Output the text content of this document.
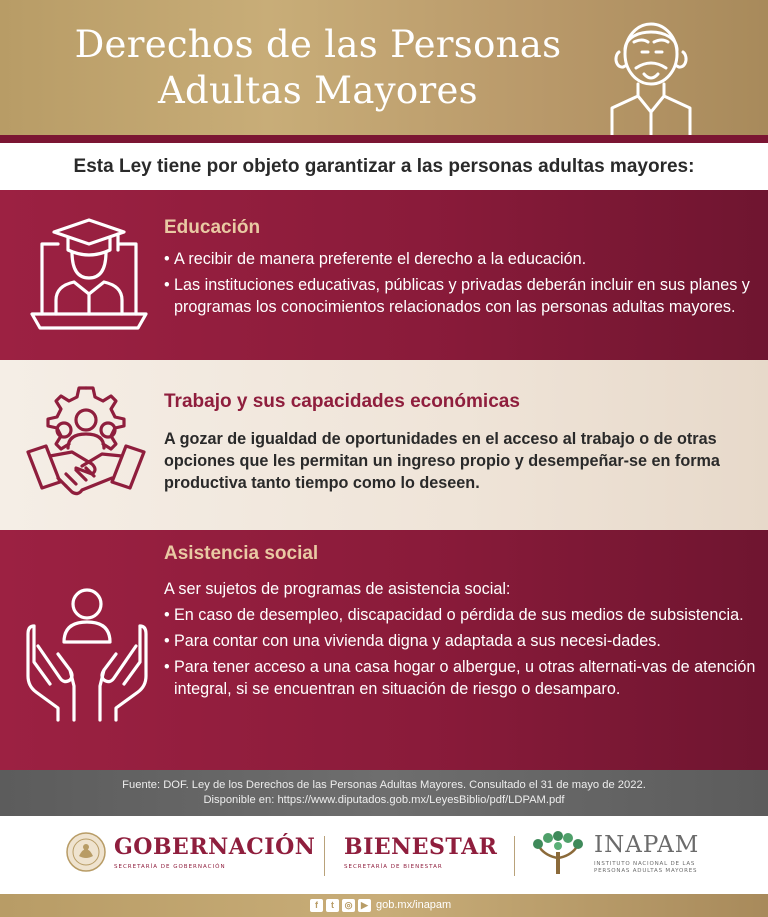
Derechos de las Personas
Adultas Mayores
Esta Ley tiene por objeto garantizar a las personas adultas mayores:
Educación
• A recibir de manera preferente el derecho a la educación.
• Las instituciones educativas, públicas y privadas deberán incluir en sus planes y programas los conocimientos relacionados con las personas adultas mayores.
Trabajo y sus capacidades económicas
A gozar de igualdad de oportunidades en el acceso al trabajo o de otras opciones que les permitan un ingreso propio y desempeñar-se en forma productiva tanto tiempo como lo deseen.
Asistencia social
A ser sujetos de programas de asistencia social:
• En caso de desempleo, discapacidad o pérdida de sus medios de subsistencia.
• Para contar con una vivienda digna y adaptada a sus necesi-dades.
• Para tener acceso a una casa hogar o albergue, u otras alternati-vas de atención integral, si se encuentran en situación de riesgo o desamparo.
Fuente: DOF. Ley de los Derechos de las Personas Adultas Mayores. Consultado el 31 de mayo de 2022.
Disponible en: https://www.diputados.gob.mx/LeyesBiblio/pdf/LDPAM.pdf
GOBERNACIÓN
SECRETARÍA DE GOBERNACIÓN
BIENESTAR
SECRETARÍA DE BIENESTAR
INAPAM
INSTITUTO NACIONAL DE LAS PERSONAS ADULTAS MAYORES
f	t	◎ ▶ gob.mx/inapam
